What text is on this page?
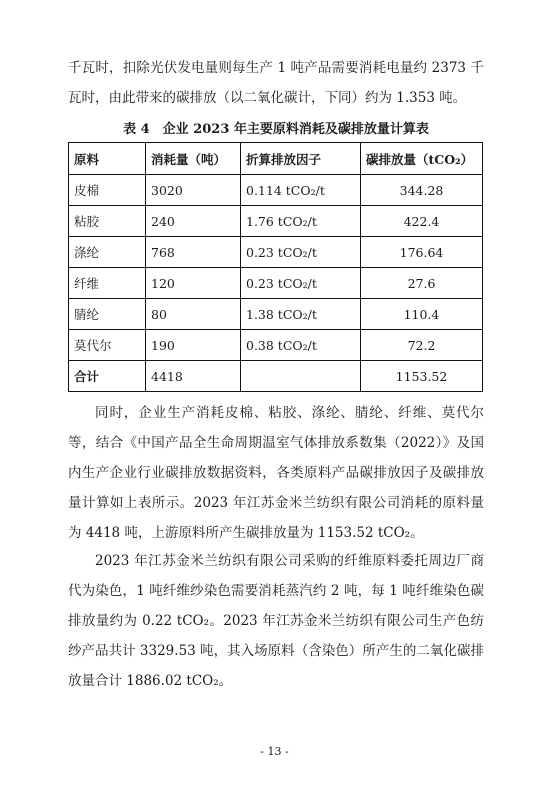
千瓦时，扣除光伏发电量则每生产 1 吨产品需要消耗电量约 2373 千瓦时，由此带来的碳排放（以二氧化碳计，下同）约为 1.353 吨。

表 4　企业 2023 年主要原料消耗及碳排放量计算表

原料	消耗量（吨）	折算排放因子	碳排放量（tCO₂）
皮棉	3020	0.114 tCO₂/t	344.28
粘胶	240	1.76 tCO₂/t	422.4
涤纶	768	0.23 tCO₂/t	176.64
纤维	120	0.23 tCO₂/t	27.6
腈纶	80	1.38 tCO₂/t	110.4
莫代尔	190	0.38 tCO₂/t	72.2
合计	4418		1153.52

同时，企业生产消耗皮棉、粘胶、涤纶、腈纶、纤维、莫代尔等，结合《中国产品全生命周期温室气体排放系数集（2022）》及国内生产企业行业碳排放数据资料，各类原料产品碳排放因子及碳排放量计算如上表所示。2023 年江苏金米兰纺织有限公司消耗的原料量为 4418 吨，上游原料所产生碳排放量为 1153.52 tCO₂。

2023 年江苏金米兰纺织有限公司采购的纤维原料委托周边厂商代为染色，1 吨纤维纱染色需要消耗蒸汽约 2 吨，每 1 吨纤维染色碳排放量约为 0.22 tCO₂。2023 年江苏金米兰纺织有限公司生产色纺纱产品共计 3329.53 吨，其入场原料（含染色）所产生的二氧化碳排放量合计 1886.02 tCO₂。

- 13 -
